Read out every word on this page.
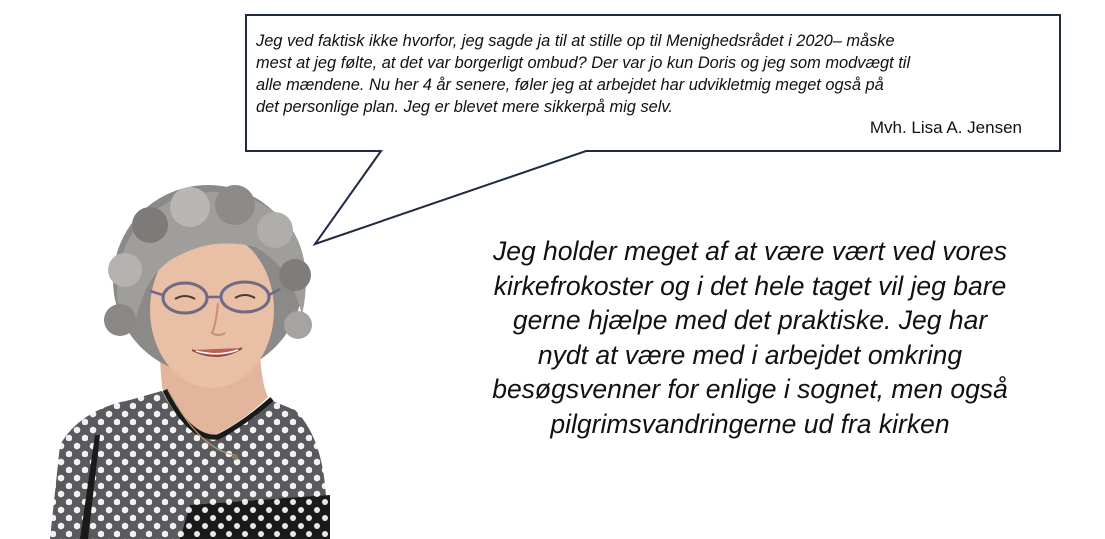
Jeg ved faktisk ikke hvorfor, jeg sagde ja til at stille op til Menighedsrådet i 2020– måske
mest at jeg følte, at det var borgerligt ombud? Der var jo kun Doris og jeg som modvægt til
alle mændene. Nu her 4 år senere, føler jeg at arbejdet har udvikletmig meget også på
det personlige plan. Jeg er blevet mere sikkerpå mig selv.
Mvh. Lisa A. Jensen
Jeg holder meget af at være vært ved vores
kirkefrokoster og i det hele taget vil jeg bare
gerne hjælpe med det praktiske. Jeg har
nydt at være med i arbejdet omkring
besøgsvenner for enlige i sognet, men også
pilgrimsvandringerne ud fra kirken
